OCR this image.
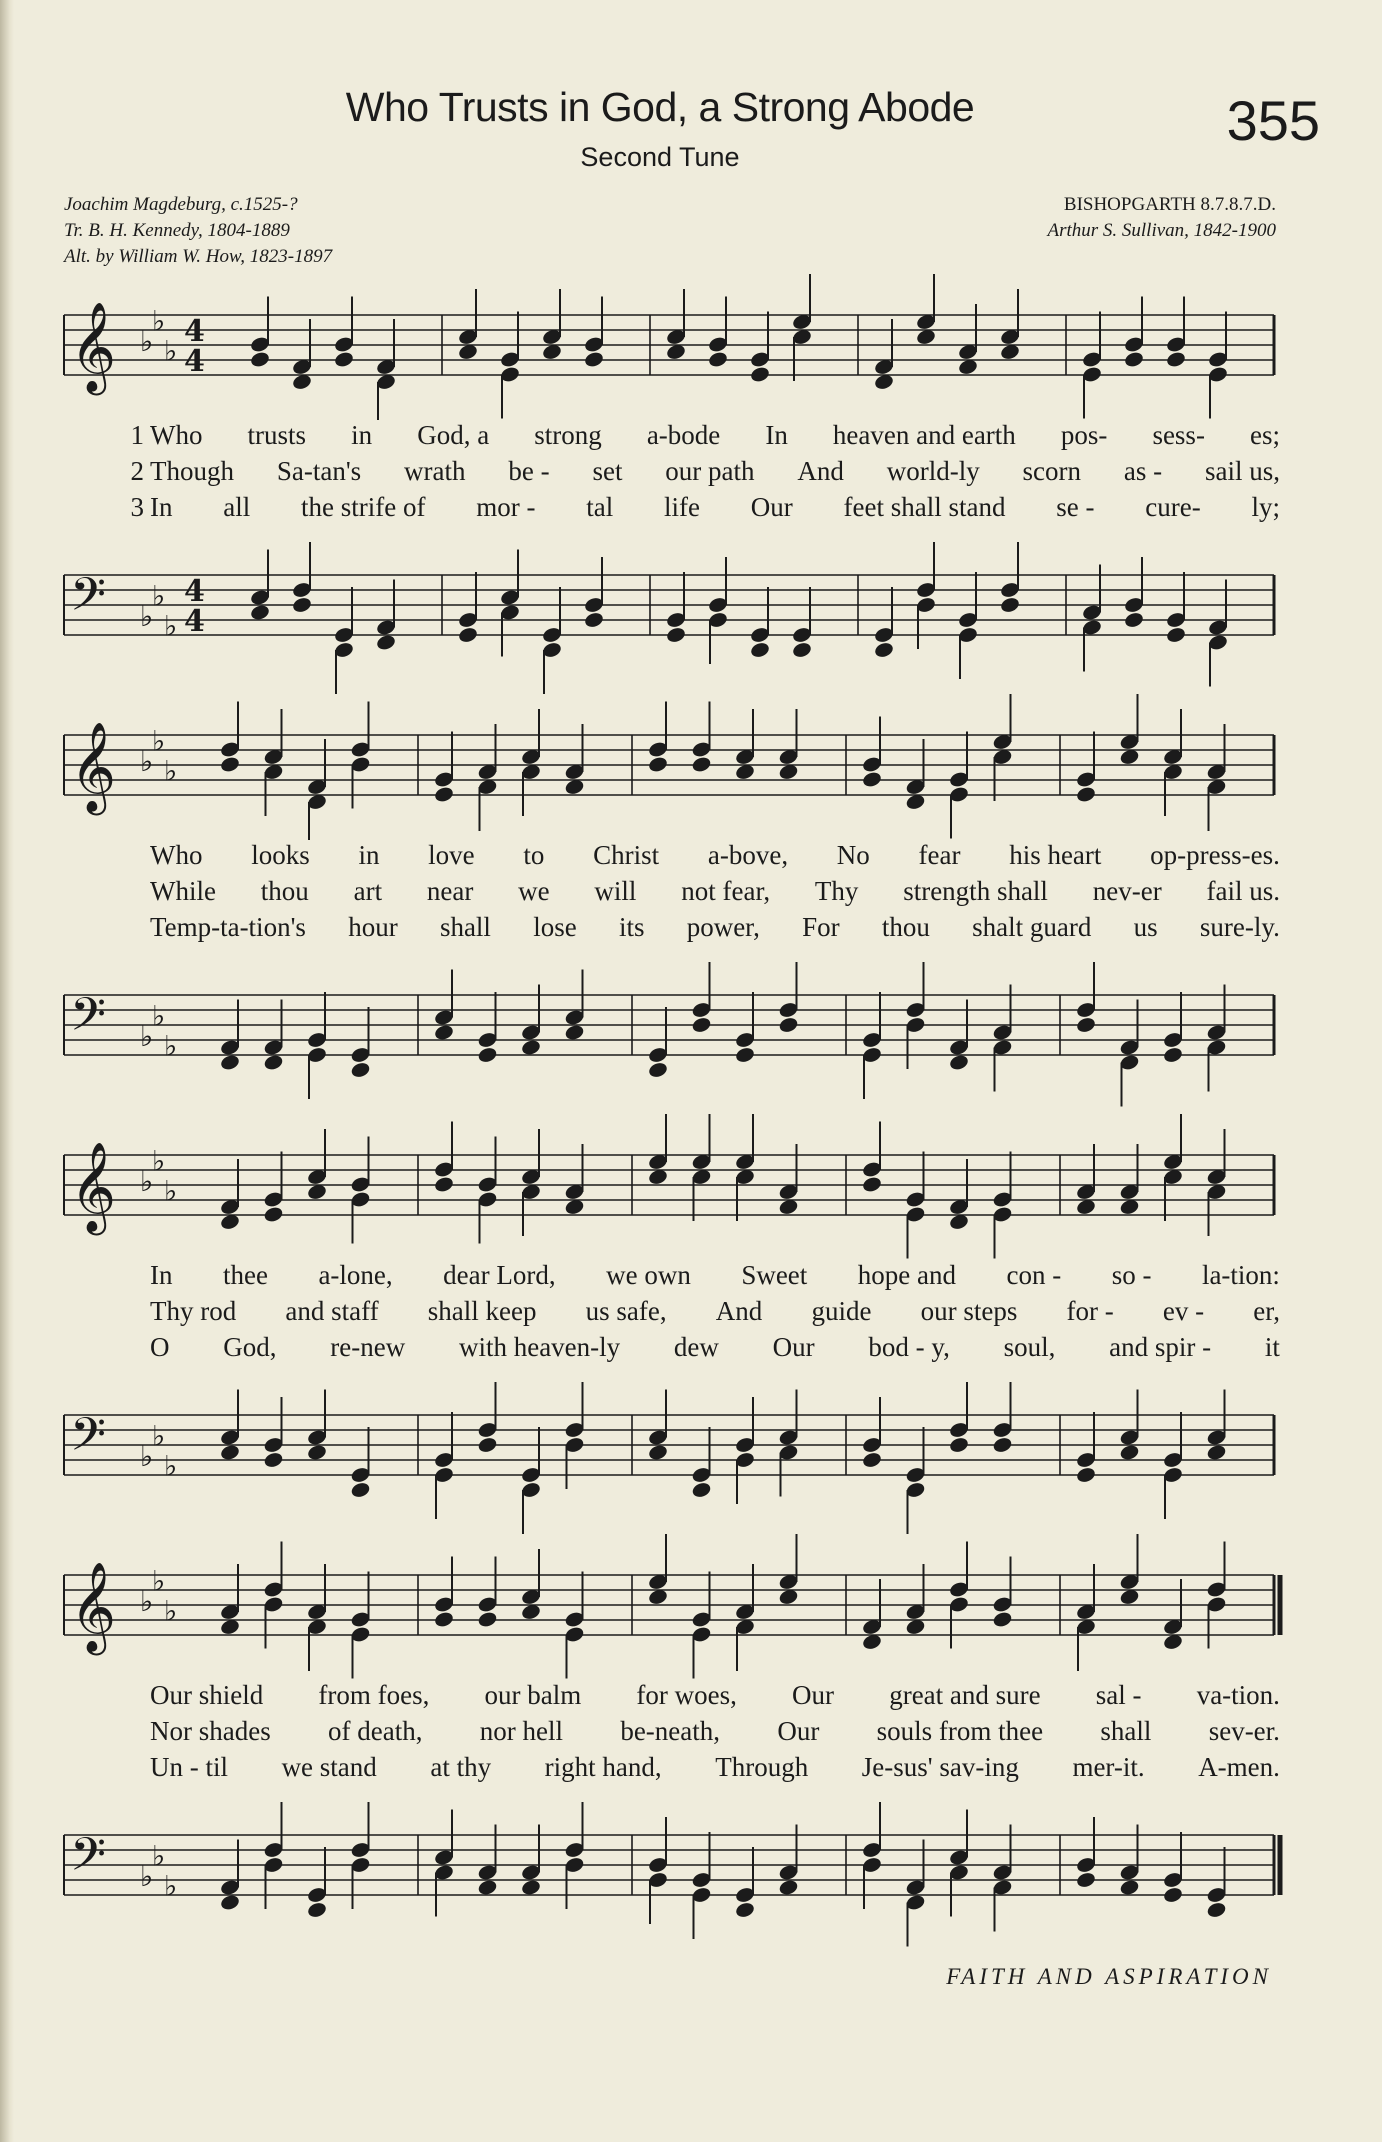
Who Trusts in God, a Strong Abode
Second Tune
355
Joachim Magdeburg, c.1525-?
Tr. B. H. Kennedy, 1804-1889
Alt. by William W. How, 1823-1897
BISHOPGARTH 8.7.8.7.D.
Arthur S. Sullivan, 1842-1900
𝄞 ♭
♭
♭
4
4
1 Who trusts in God, a strong a-bode In heaven and earth pos- sess- es;
2 Though Sa-tan's wrath be - set our path And world-ly scorn as - sail us,
3 In all the strife of mor - tal life Our feet shall stand se - cure- ly;
𝄢 ♭
♭
♭
4
4
𝄞 ♭
♭
♭
Who looks in love to Christ a-bove, No fear his heart op-press-es.
While thou art near we will not fear, Thy strength shall nev-er fail us.
Temp-ta-tion's hour shall lose its power, For thou shalt guard us sure-ly.
𝄢 ♭
♭
♭
𝄞 ♭
♭
♭
In thee a-lone, dear Lord, we own Sweet hope and con - so - la-tion:
Thy rod and staff shall keep us safe, And guide our steps for - ev - er,
O God, re-new with heaven-ly dew Our bod - y, soul, and spir - it
𝄢 ♭
♭
♭
𝄞 ♭
♭
♭
Our shield from foes, our balm for woes, Our great and sure sal - va-tion.
Nor shades of death, nor hell be-neath, Our souls from thee shall sev-er.
Un - til we stand at thy right hand, Through Je-sus' sav-ing mer-it. A-men.
𝄢 ♭
♭
♭
FAITH AND ASPIRATION
